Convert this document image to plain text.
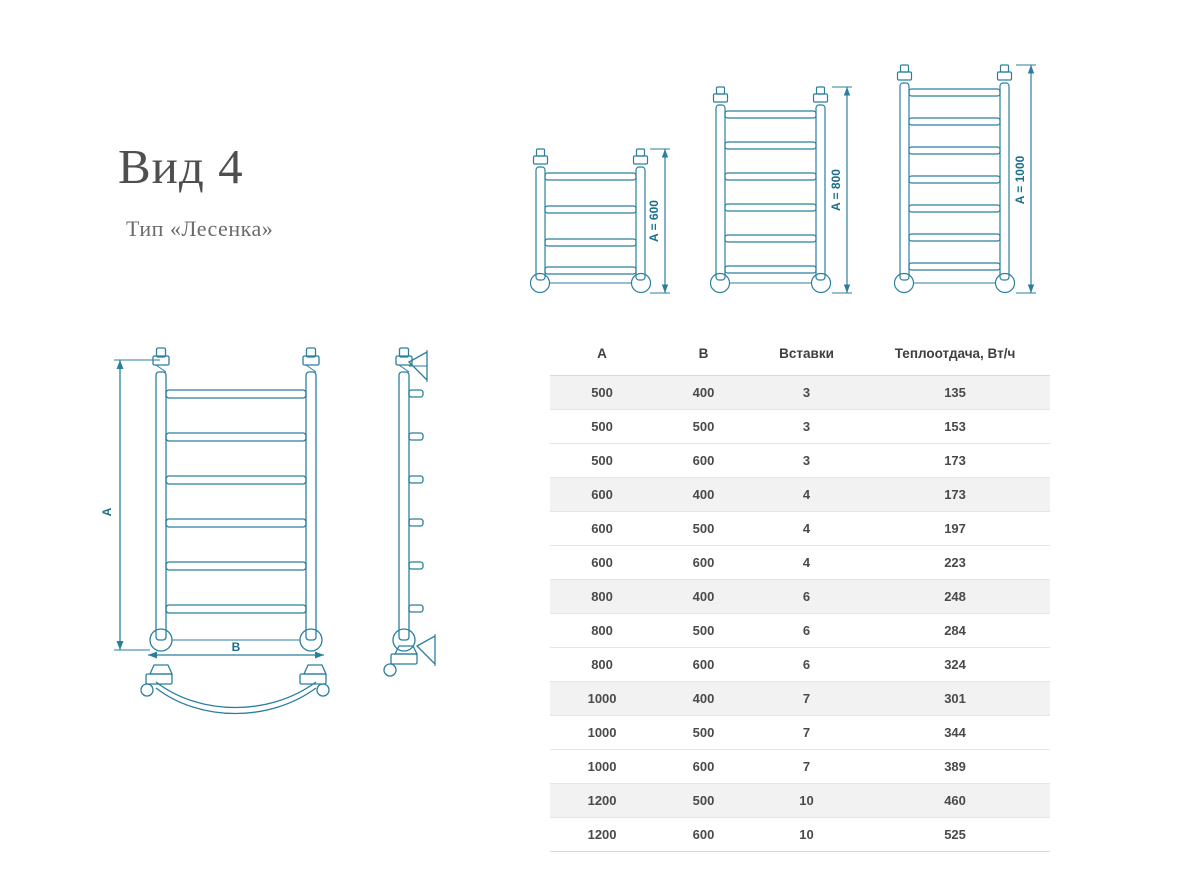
Вид 4
Тип «Лесенка»
A
B
A = 600
A = 800	A = 1000
A	B	Вставки	Теплоотдача, Вт/ч
500	400	3	135
500	500	3	153
500	600	3	173
600	400	4	173
600	500	4	197
600	600	4	223
800	400	6	248
800	500	6	284
800	600	6	324
1000	400	7	301
1000	500	7	344
1000	600	7	389
1200	500	10	460
1200	600	10	525
